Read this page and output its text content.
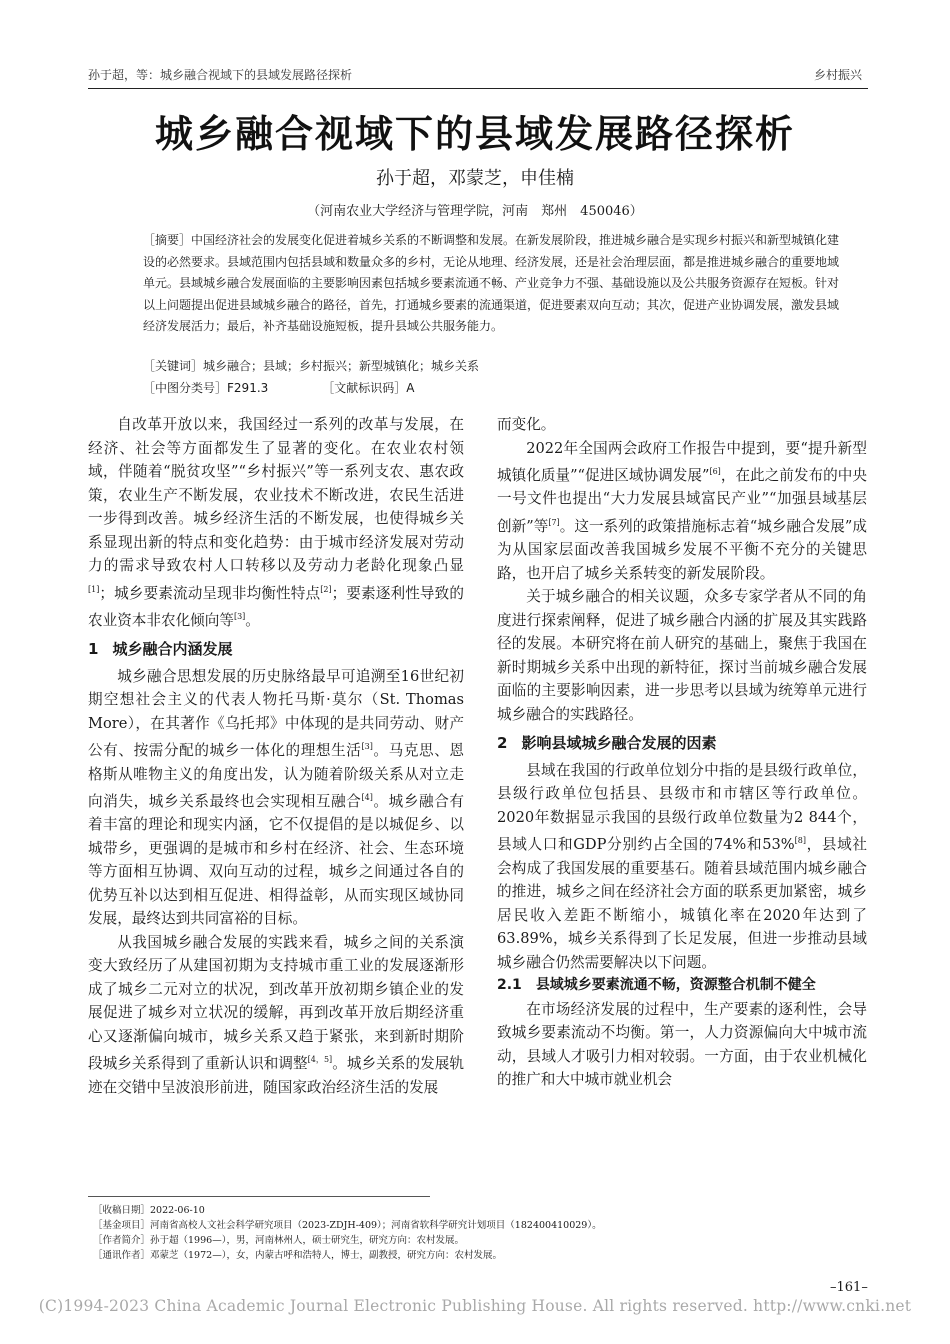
孙于超，等：城乡融合视域下的县域发展路径探析	乡村振兴
城乡融合视域下的县域发展路径探析
孙于超，邓蒙芝，申佳楠
（河南农业大学经济与管理学院，河南　郑州　450046）
［摘要］中国经济社会的发展变化促进着城乡关系的不断调整和发展。在新发展阶段，推进城乡融合是实现乡村振兴和新型城镇化建设的必然要求。县域范围内包括县域和数量众多的乡村，无论从地理、经济发展，还是社会治理层面，都是推进城乡融合的重要地域单元。县域城乡融合发展面临的主要影响因素包括城乡要素流通不畅、产业竞争力不强、基础设施以及公共服务资源存在短板。针对以上问题提出促进县域城乡融合的路径，首先，打通城乡要素的流通渠道，促进要素双向互动；其次，促进产业协调发展，激发县域经济发展活力；最后，补齐基础设施短板，提升县域公共服务能力。
［关键词］城乡融合；县域；乡村振兴；新型城镇化；城乡关系
［中图分类号］F291.3	［文献标识码］A

自改革开放以来，我国经过一系列的改革与发展，在经济、社会等方面都发生了显著的变化。在农业农村领域，伴随着“脱贫攻坚”“乡村振兴”等一系列支农、惠农政策，农业生产不断发展，农业技术不断改进，农民生活进一步得到改善。城乡经济生活的不断发展，也使得城乡关系显现出新的特点和变化趋势：由于城市经济发展对劳动力的需求导致农村人口转移以及劳动力老龄化现象凸显[1]；城乡要素流动呈现非均衡性特点[2]；要素逐利性导致的农业资本非农化倾向等[3]。

1 城乡融合内涵发展

城乡融合思想发展的历史脉络最早可追溯至16世纪初期空想社会主义的代表人物托马斯·莫尔（St. Thomas More），在其著作《乌托邦》中体现的是共同劳动、财产公有、按需分配的城乡一体化的理想生活[3]。马克思、恩格斯从唯物主义的角度出发，认为随着阶级关系从对立走向消失，城乡关系最终也会实现相互融合[4]。城乡融合有着丰富的理论和现实内涵，它不仅提倡的是以城促乡、以城带乡，更强调的是城市和乡村在经济、社会、生态环境等方面相互协调、双向互动的过程，城乡之间通过各自的优势互补以达到相互促进、相得益彰，从而实现区域协同发展，最终达到共同富裕的目标。

从我国城乡融合发展的实践来看，城乡之间的关系演变大致经历了从建国初期为支持城市重工业的发展逐渐形成了城乡二元对立的状况，到改革开放初期乡镇企业的发展促进了城乡对立状况的缓解，再到改革开放后期经济重心又逐渐偏向城市，城乡关系又趋于紧张，来到新时期阶段城乡关系得到了重新认识和调整[4，5]。城乡关系的发展轨迹在交错中呈波浪形前进，随国家政治经济生活的发展

而变化。

2022年全国两会政府工作报告中提到，要“提升新型城镇化质量”“促进区域协调发展”[6]，在此之前发布的中央一号文件也提出“大力发展县域富民产业”“加强县域基层创新”等[7]。这一系列的政策措施标志着“城乡融合发展”成为从国家层面改善我国城乡发展不平衡不充分的关键思路，也开启了城乡关系转变的新发展阶段。

关于城乡融合的相关议题，众多专家学者从不同的角度进行探索阐释，促进了城乡融合内涵的扩展及其实践路径的发展。本研究将在前人研究的基础上，聚焦于我国在新时期城乡关系中出现的新特征，探讨当前城乡融合发展面临的主要影响因素，进一步思考以县域为统筹单元进行城乡融合的实践路径。

2 影响县域城乡融合发展的因素

县域在我国的行政单位划分中指的是县级行政单位，县级行政单位包括县、县级市和市辖区等行政单位。2020年数据显示我国的县级行政单位数量为2 844个，县域人口和GDP分别约占全国的74%和53%[8]，县域社会构成了我国发展的重要基石。随着县域范围内城乡融合的推进，城乡之间在经济社会方面的联系更加紧密，城乡居民收入差距不断缩小，城镇化率在2020年达到了63.89%，城乡关系得到了长足发展，但进一步推动县域城乡融合仍然需要解决以下问题。

2.1 县域城乡要素流通不畅，资源整合机制不健全

在市场经济发展的过程中，生产要素的逐利性，会导致城乡要素流动不均衡。第一，人力资源偏向大中城市流动，县域人才吸引力相对较弱。一方面，由于农业机械化的推广和大中城市就业机会

［收稿日期］2022-06-10
［基金项目］河南省高校人文社会科学研究项目（2023-ZDJH-409）；河南省软科学研究计划项目（182400410029）。
［作者简介］孙于超（1996—），男，河南林州人，硕士研究生，研究方向：农村发展。
［通讯作者］邓蒙芝（1972—），女，内蒙古呼和浩特人，博士，副教授，研究方向：农村发展。
–161–
(C)1994-2023 China Academic Journal Electronic Publishing House. All rights reserved. http://www.cnki.net
